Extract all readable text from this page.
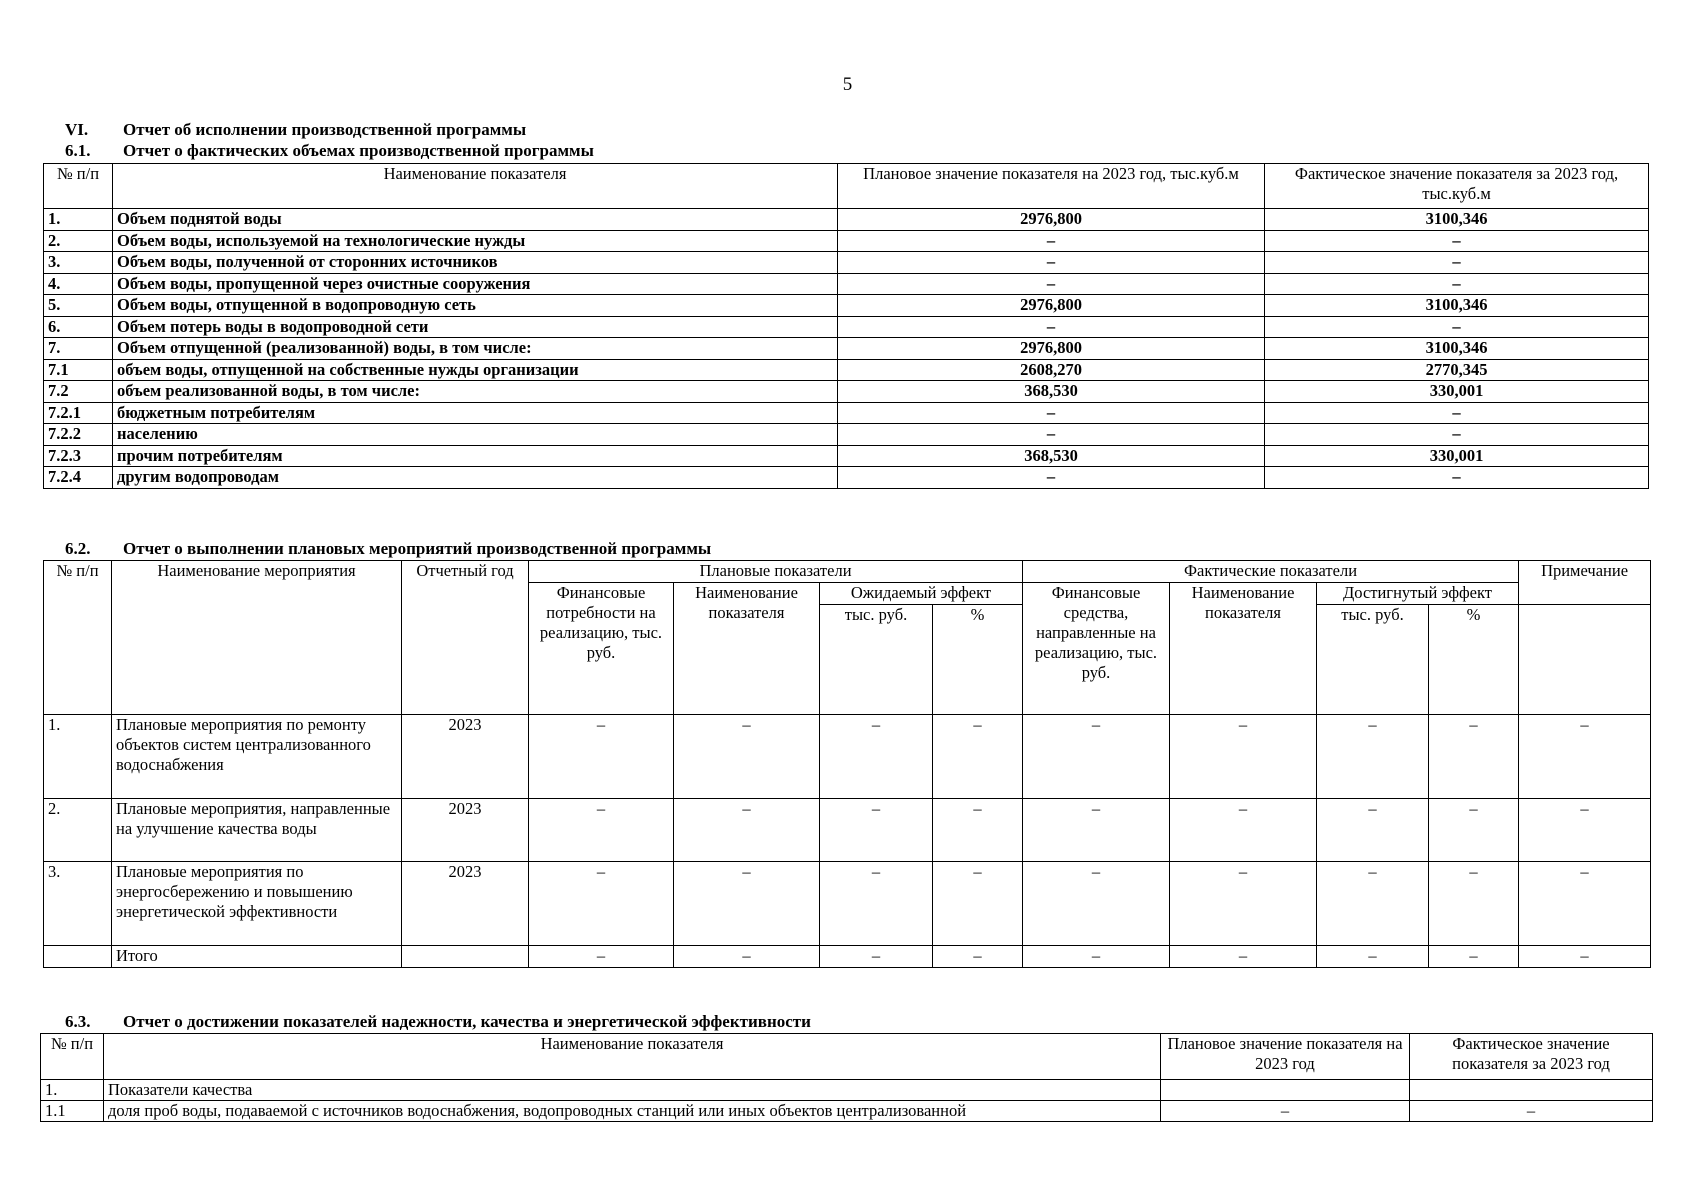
5
VI. Отчет об исполнении производственной программы
6.1. Отчет о фактических объемах производственной программы
№ п/п	Наименование показателя	Плановое значение показателя на 2023 год, тыс.куб.м	Фактическое значение показателя за 2023 год, тыс.куб.м
1.	Объем поднятой воды	2976,800	3100,346
2.	Объем воды, используемой на технологические нужды	–	–
3.	Объем воды, полученной от сторонних источников	–	–
4.	Объем воды, пропущенной через очистные сооружения	–	–
5.	Объем воды, отпущенной в водопроводную сеть	2976,800	3100,346
6.	Объем потерь воды в водопроводной сети	–	–
7.	Объем отпущенной (реализованной) воды, в том числе:	2976,800	3100,346
7.1	объем воды, отпущенной на собственные нужды организации	2608,270	2770,345
7.2	объем реализованной воды, в том числе:	368,530	330,001
7.2.1	бюджетным потребителям	–	–
7.2.2	населению	–	–
7.2.3	прочим потребителям	368,530	330,001
7.2.4	другим водопроводам	–	–
6.2. Отчет о выполнении плановых мероприятий производственной программы
№ п/п	Наименование мероприятия	Отчетный год	Плановые показатели				Фактические показатели				Примечание
			Финансовые потребности на реализацию, тыс. руб.	Наименование показателя	Ожидаемый эффект		Финансовые средства, направленные на реализацию, тыс. руб.	Наименование показателя	Достигнутый эффект		
					тыс. руб.	%			тыс. руб.	%	
1.	Плановые мероприятия по ремонту объектов систем централизованного водоснабжения	2023	–	–	–	–	–	–	–	–	–
2.	Плановые мероприятия, направленные на улучшение качества воды	2023	–	–	–	–	–	–	–	–	–
3.	Плановые мероприятия по энергосбережению и повышению энергетической эффективности	2023	–	–	–	–	–	–	–	–	–
	Итого		–	–	–	–	–	–	–	–	–
6.3. Отчет о достижении показателей надежности, качества и энергетической эффективности
№ п/п	Наименование показателя	Плановое значение показателя на 2023 год	Фактическое значение показателя за 2023 год
1.	Показатели качества		
1.1	доля проб воды, подаваемой с источников водоснабжения, водопроводных станций или иных объектов централизованной	–	–
